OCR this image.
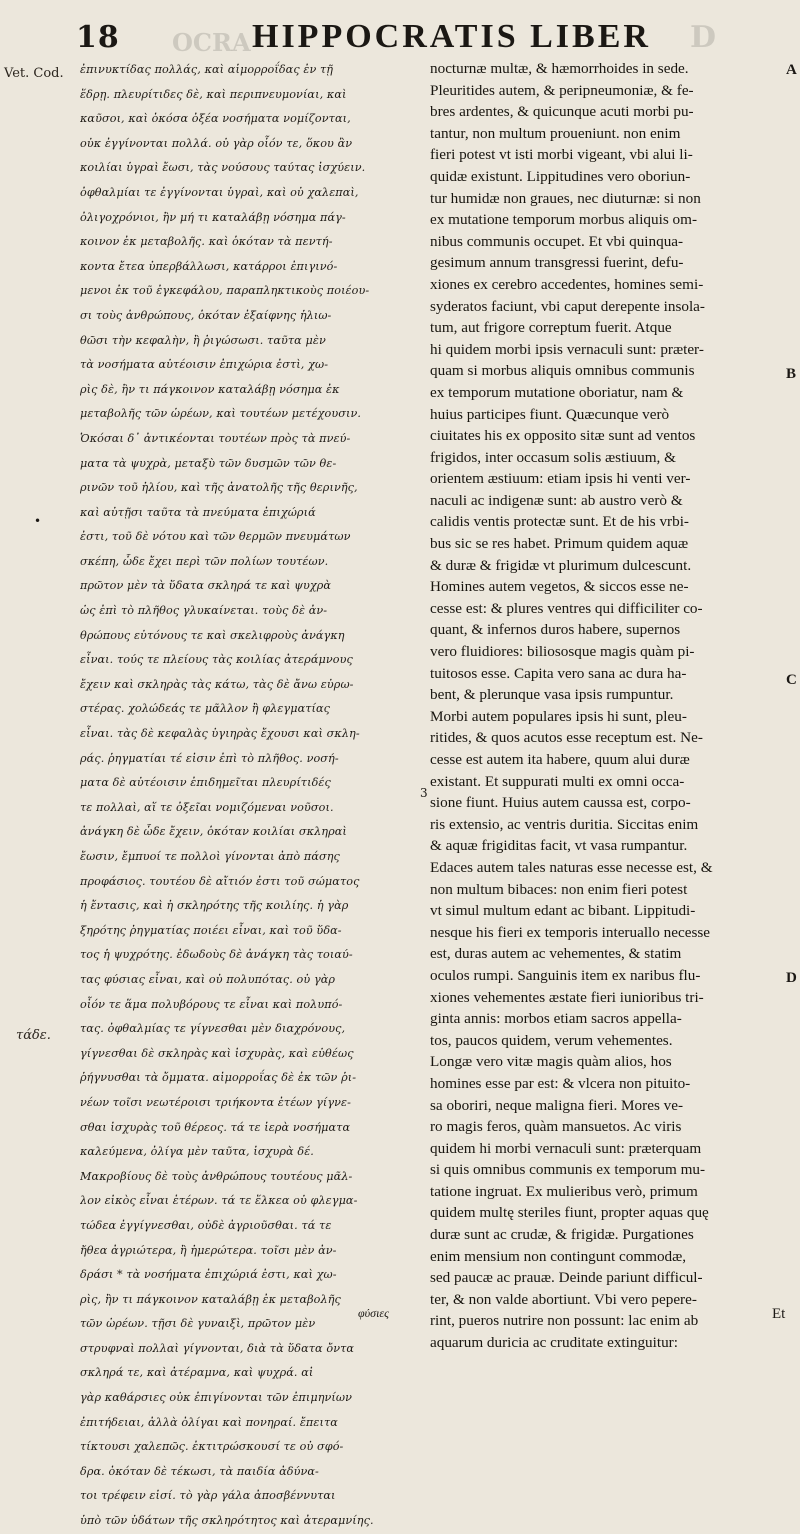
OCRA	D
18	HIPPOCRATIS LIBER
Vet. Cod.
τάδε.
•
3
A
B
C
D
ἐπινυκτίδας πολλάς, καὶ αἱμορροΐδας ἐν τῇ
ἕδρῃ. πλευρίτιδες δὲ, καὶ περιπνευμονίαι, καὶ
καῦσοι, καὶ ὁκόσα ὀξέα νοσήματα νομίζονται,
οὐκ ἐγγίνονται πολλά. οὐ γὰρ οἷόν τε, ὅκου ἂν
κοιλίαι ὑγραὶ ἔωσι, τὰς νούσους ταύτας ἰσχύειν.
ὀφθαλμίαι τε ἐγγίνονται ὑγραὶ, καὶ οὐ χαλεπαὶ,
ὀλιγοχρόνιοι, ἢν μή τι καταλάβῃ νόσημα πάγ-
κοινον ἐκ μεταβολῆς. καὶ ὁκόταν τὰ πεντή-
κοντα ἔτεα ὑπερβάλλωσι, κατάρροι ἐπιγινό-
μενοι ἐκ τοῦ ἐγκεφάλου, παραπληκτικοὺς ποιέου-
σι τοὺς ἀνθρώπους, ὁκόταν ἐξαίφνης ἡλιω-
θῶσι τὴν κεφαλὴν, ἢ ῥιγώσωσι. ταῦτα μὲν
τὰ νοσήματα αὐτέοισιν ἐπιχώρια ἐστὶ, χω-
ρὶς δὲ, ἢν τι πάγκοινον καταλάβῃ νόσημα ἐκ
μεταβολῆς τῶν ὡρέων, καὶ τουτέων μετέχουσιν.
Ὁκόσαι δ᾽ ἀντικέονται τουτέων πρὸς τὰ πνεύ-
ματα τὰ ψυχρὰ, μεταξὺ τῶν δυσμῶν τῶν θε-
ρινῶν τοῦ ἡλίου, καὶ τῆς ἀνατολῆς τῆς θερινῆς,
καὶ αὐτῇσι ταῦτα τὰ πνεύματα ἐπιχώριά
ἐστι, τοῦ δὲ νότου καὶ τῶν θερμῶν πνευμάτων
σκέπη, ὧδε ἔχει περὶ τῶν πολίων τουτέων.
πρῶτον μὲν τὰ ὕδατα σκληρά τε καὶ ψυχρὰ
ὡς ἐπὶ τὸ πλῆθος γλυκαίνεται. τοὺς δὲ ἀν-
θρώπους εὐτόνους τε καὶ σκελιφροὺς ἀνάγκη
εἶναι. τούς τε πλείους τὰς κοιλίας ἀτεράμνους
ἔχειν καὶ σκληρὰς τὰς κάτω, τὰς δὲ ἄνω εὐρω-
στέρας. χολώδεάς τε μᾶλλον ἢ φλεγματίας
εἶναι. τὰς δὲ κεφαλὰς ὑγιηρὰς ἔχουσι καὶ σκλη-
ράς. ῥηγματίαι τέ εἰσιν ἐπὶ τὸ πλῆθος. νοσή-
ματα δὲ αὐτέοισιν ἐπιδημεῖται πλευρίτιδές
τε πολλαὶ, αἵ τε ὀξεῖαι νομιζόμεναι νοῦσοι.
ἀνάγκη δὲ ὧδε ἔχειν, ὁκόταν κοιλίαι σκληραὶ
ἔωσιν, ἔμπυοί τε πολλοὶ γίνονται ἀπὸ πάσης
προφάσιος. τουτέου δὲ αἴτιόν ἐστι τοῦ σώματος
ἡ ἔντασις, καὶ ἡ σκληρότης τῆς κοιλίης. ἡ γὰρ
ξηρότης ῥηγματίας ποιέει εἶναι, καὶ τοῦ ὕδα-
τος ἡ ψυχρότης. ἐδωδοὺς δὲ ἀνάγκη τὰς τοιαύ-
τας φύσιας εἶναι, καὶ οὐ πολυπότας. οὐ γὰρ
οἷόν τε ἅμα πολυβόρους τε εἶναι καὶ πολυπό-
τας. ὀφθαλμίας τε γίγνεσθαι μὲν διαχρόνους,
γίγνεσθαι δὲ σκληρὰς καὶ ἰσχυρὰς, καὶ εὐθέως
ῥήγνυσθαι τὰ ὄμματα. αἱμορροΐας δὲ ἐκ τῶν ῥι-
νέων τοῖσι νεωτέροισι τριήκοντα ἐτέων γίγνε-
σθαι ἰσχυρὰς τοῦ θέρεος. τά τε ἱερὰ νοσήματα
καλεύμενα, ὀλίγα μὲν ταῦτα, ἰσχυρὰ δέ.
Μακροβίους δὲ τοὺς ἀνθρώπους τουτέους μᾶλ-
λον εἰκὸς εἶναι ἑτέρων. τά τε ἕλκεα οὐ φλεγμα-
τώδεα ἐγγίγνεσθαι, οὐδὲ ἀγριοῦσθαι. τά τε
ἤθεα ἀγριώτερα, ἢ ἡμερώτερα. τοῖσι μὲν ἀν-
δράσι * τὰ νοσήματα ἐπιχώριά ἐστι, καὶ χω-
ρὶς, ἢν τι πάγκοινον καταλάβῃ ἐκ μεταβολῆς
τῶν ὡρέων. τῇσι δὲ γυναιξὶ, πρῶτον μὲν
στρυφναὶ πολλαὶ γίγνονται, διὰ τὰ ὕδατα ὄντα
σκληρά τε, καὶ ἀτέραμνα, καὶ ψυχρά. αἱ
γὰρ καθάρσιες οὐκ ἐπιγίνονται τῶν ἐπιμηνίων
ἐπιτήδειαι, ἀλλὰ ὀλίγαι καὶ πονηραί. ἔπειτα
τίκτουσι χαλεπῶς. ἐκτιτρώσκουσί τε οὐ σφό-
δρα. ὁκόταν δὲ τέκωσι, τὰ παιδία ἀδύνα-
τοι τρέφειν εἰσί. τὸ γὰρ γάλα ἀποσβέννυται
ὑπὸ τῶν ὑδάτων τῆς σκληρότητος καὶ ἀτεραμνίης.
nocturnæ multæ, & hæmorrhoides in sede.
Pleuritides autem, & peripneumoniæ, & fe-
bres ardentes, & quicunque acuti morbi pu-
tantur, non multum proueniunt. non enim
fieri potest vt isti morbi vigeant, vbi alui li-
quidæ existunt. Lippitudines vero oboriun-
tur humidæ non graues, nec diuturnæ: si non
ex mutatione temporum morbus aliquis om-
nibus communis occupet. Et vbi quinqua-
gesimum annum transgressi fuerint, defu-
xiones ex cerebro accedentes, homines semi-
syderatos faciunt, vbi caput derepente insola-
tum, aut frigore correptum fuerit. Atque
hi quidem morbi ipsis vernaculi sunt: præter-
quam si morbus aliquis omnibus communis
ex temporum mutatione oboriatur, nam &
huius participes fiunt. Quæcunque verò
ciuitates his ex opposito sitæ sunt ad ventos
frigidos, inter occasum solis æstiuum, &
orientem æstiuum: etiam ipsis hi venti ver-
naculi ac indigenæ sunt: ab austro verò &
calidis ventis protectæ sunt. Et de his vrbi-
bus sic se res habet. Primum quidem aquæ
& duræ & frigidæ vt plurimum dulcescunt.
Homines autem vegetos, & siccos esse ne-
cesse est: & plures ventres qui difficiliter co-
quant, & infernos duros habere, supernos
vero fluidiores: biliososque magis quàm pi-
tuitosos esse. Capita vero sana ac dura ha-
bent, & plerunque vasa ipsis rumpuntur.
Morbi autem populares ipsis hi sunt, pleu-
ritides, & quos acutos esse receptum est. Ne-
cesse est autem ita habere, quum alui duræ
existant. Et suppurati multi ex omni occa-
sione fiunt. Huius autem caussa est, corpo-
ris extensio, ac ventris duritia. Siccitas enim
& aquæ frigiditas facit, vt vasa rumpantur.
Edaces autem tales naturas esse necesse est, &
non multum bibaces: non enim fieri potest
vt simul multum edant ac bibant. Lippitudi-
nesque his fieri ex temporis interuallo necesse
est, duras autem ac vehementes, & statim
oculos rumpi. Sanguinis item ex naribus flu-
xiones vehementes æstate fieri iunioribus tri-
ginta annis: morbos etiam sacros appella-
tos, paucos quidem, verum vehementes.
Longæ vero vitæ magis quàm alios, hos
homines esse par est: & vlcera non pituito-
sa oboriri, neque maligna fieri. Mores ve-
ro magis feros, quàm mansuetos. Ac viris
quidem hi morbi vernaculi sunt: præterquam
si quis omnibus communis ex temporum mu-
tatione ingruat. Ex mulieribus verò, primum
quidem multę steriles fiunt, propter aquas quę
duræ sunt ac crudæ, & frigidæ. Purgationes
enim mensium non contingunt commodæ,
sed paucæ ac prauæ. Deinde pariunt difficul-
ter, & non valde abortiunt. Vbi vero pepere-
rint, pueros nutrire non possunt: lac enim ab
aquarum duricia ac cruditate extinguitur:
φύσιες	Et
